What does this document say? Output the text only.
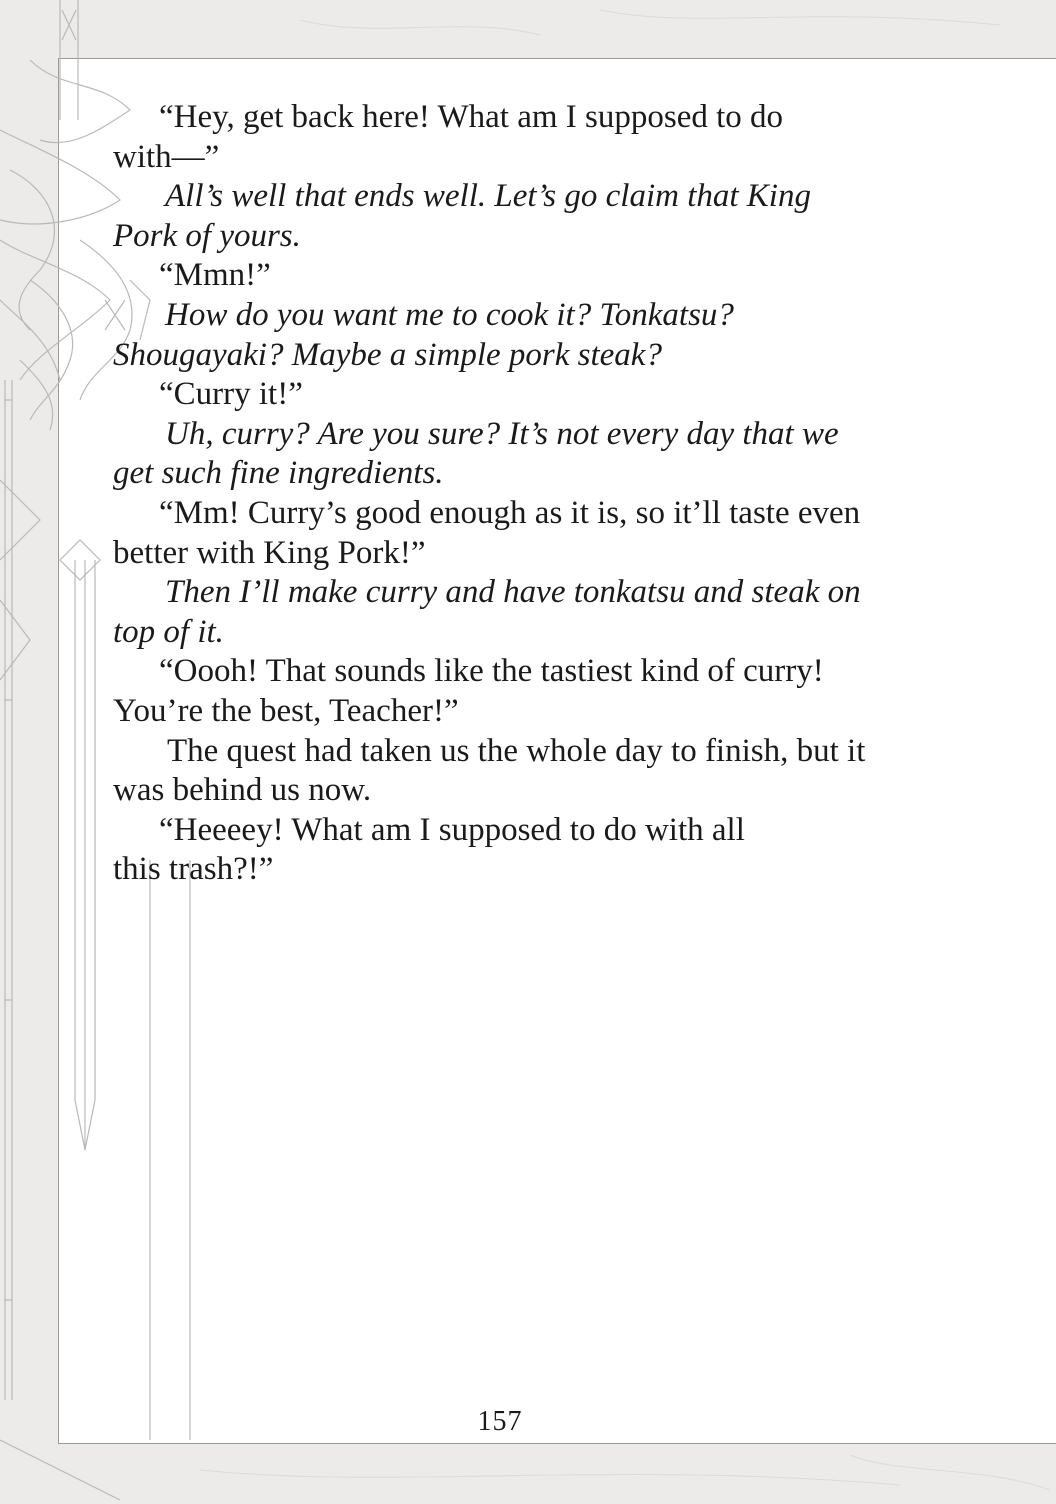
“Hey, get back here! What am I supposed to do
with—”

All’s well that ends well. Let’s go claim that King
Pork of yours.

“Mmn!”

How do you want me to cook it? Tonkatsu?
Shougayaki? Maybe a simple pork steak?

“Curry it!”

Uh, curry? Are you sure? It’s not every day that we
get such fine ingredients.

“Mm! Curry’s good enough as it is, so it’ll taste even
better with King Pork!”

Then I’ll make curry and have tonkatsu and steak on
top of it.

“Oooh! That sounds like the tastiest kind of curry!
You’re the best, Teacher!”

The quest had taken us the whole day to finish, but it
was behind us now.

“Heeeey! What am I supposed to do with all
this trash?!”

157
